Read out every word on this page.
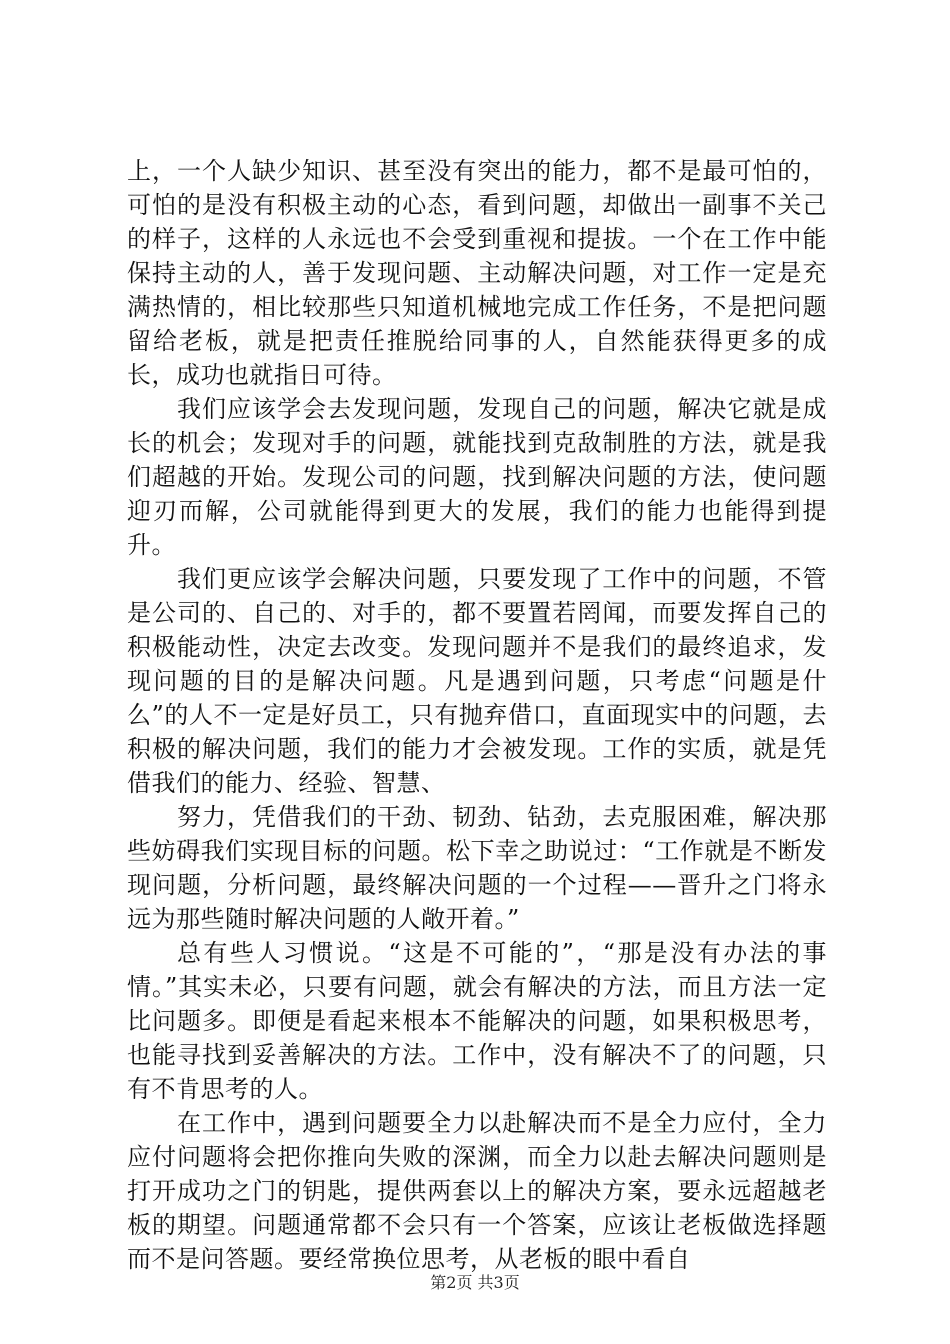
上，一个人缺少知识、甚至没有突出的能力，都不是最可怕的，可怕的是没有积极主动的心态，看到问题，却做出一副事不关己的样子，这样的人永远也不会受到重视和提拔。一个在工作中能保持主动的人，善于发现问题、主动解决问题，对工作一定是充满热情的，相比较那些只知道机械地完成工作任务，不是把问题留给老板，就是把责任推脱给同事的人，自然能获得更多的成长，成功也就指日可待。

我们应该学会去发现问题，发现自己的问题，解决它就是成长的机会；发现对手的问题，就能找到克敌制胜的方法，就是我们超越的开始。发现公司的问题，找到解决问题的方法，使问题迎刃而解，公司就能得到更大的发展，我们的能力也能得到提升。

我们更应该学会解决问题，只要发现了工作中的问题，不管是公司的、自己的、对手的，都不要置若罔闻，而要发挥自己的积极能动性，决定去改变。发现问题并不是我们的最终追求，发现问题的目的是解决问题。凡是遇到问题，只考虑“问题是什么”的人不一定是好员工，只有抛弃借口，直面现实中的问题，去积极的解决问题，我们的能力才会被发现。工作的实质，就是凭借我们的能力、经验、智慧、

努力，凭借我们的干劲、韧劲、钻劲，去克服困难，解决那些妨碍我们实现目标的问题。松下幸之助说过：“工作就是不断发现问题，分析问题，最终解决问题的一个过程——晋升之门将永远为那些随时解决问题的人敞开着。”

总有些人习惯说。“这是不可能的”，“那是没有办法的事情。”其实未必，只要有问题，就会有解决的方法，而且方法一定比问题多。即便是看起来根本不能解决的问题，如果积极思考，也能寻找到妥善解决的方法。工作中，没有解决不了的问题，只有不肯思考的人。

在工作中，遇到问题要全力以赴解决而不是全力应付，全力应付问题将会把你推向失败的深渊，而全力以赴去解决问题则是打开成功之门的钥匙，提供两套以上的解决方案，要永远超越老板的期望。问题通常都不会只有一个答案，应该让老板做选择题而不是问答题。要经常换位思考，从老板的眼中看自

第2页 共3页
